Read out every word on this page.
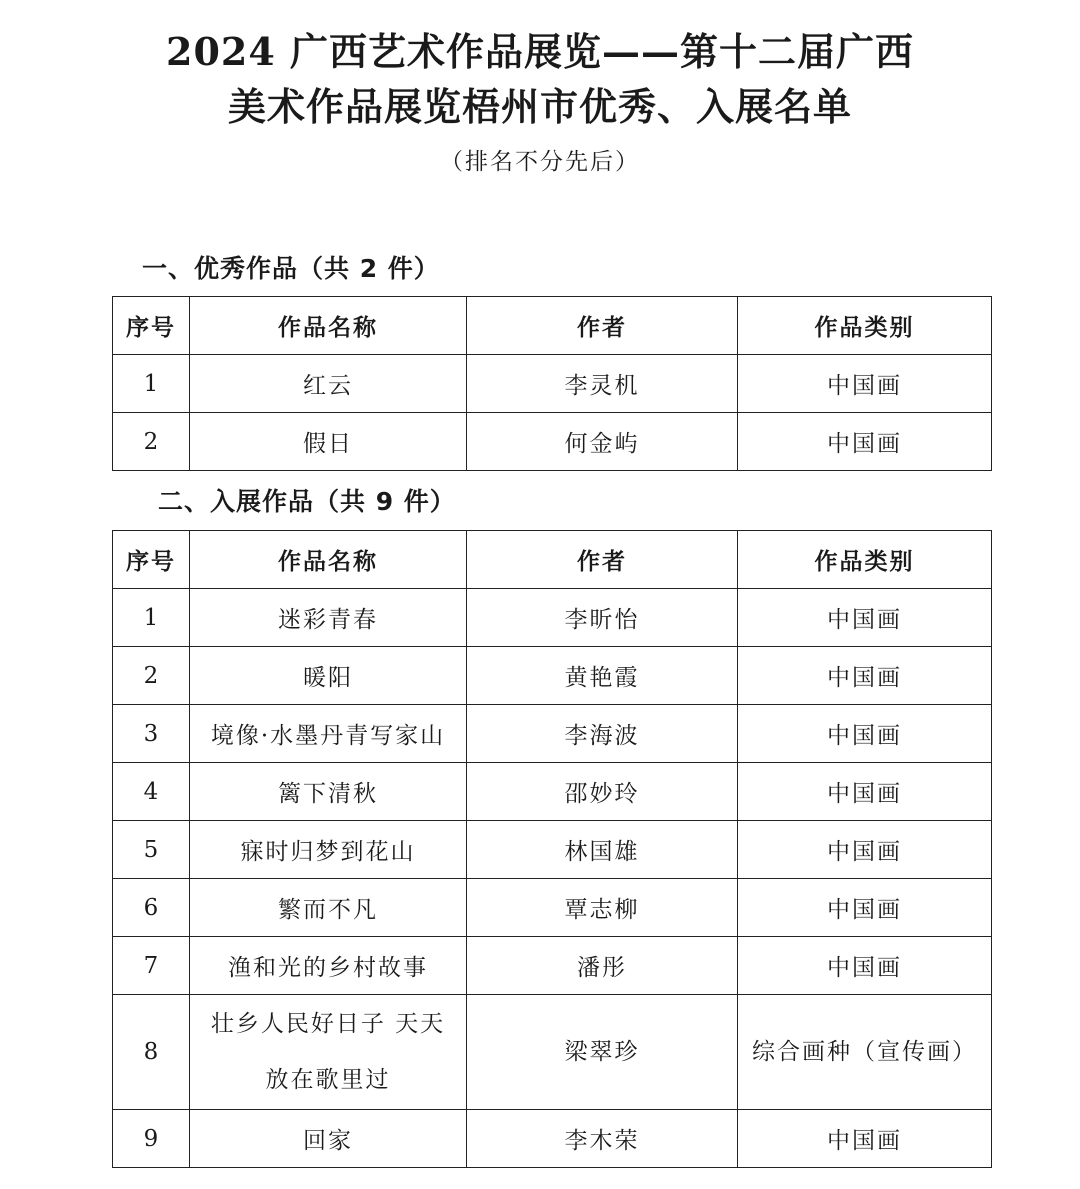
2024 广西艺术作品展览——第十二届广西
美术作品展览梧州市优秀、入展名单
（排名不分先后）
一、优秀作品（共 2 件）
序号	作品名称	作者	作品类别
1	红云	李灵机	中国画
2	假日	何金屿	中国画
二、入展作品（共 9 件）
序号	作品名称	作者	作品类别
1	迷彩青春	李昕怡	中国画
2	暖阳	黄艳霞	中国画
3	境像·水墨丹青写家山	李海波	中国画
4	篱下清秋	邵妙玲	中国画
5	寐时归梦到花山	林国雄	中国画
6	繁而不凡	覃志柳	中国画
7	渔和光的乡村故事	潘彤	中国画
8	壮乡人民好日子 天天放在歌里过	梁翠珍	综合画种（宣传画）
9	回家	李木荣	中国画
